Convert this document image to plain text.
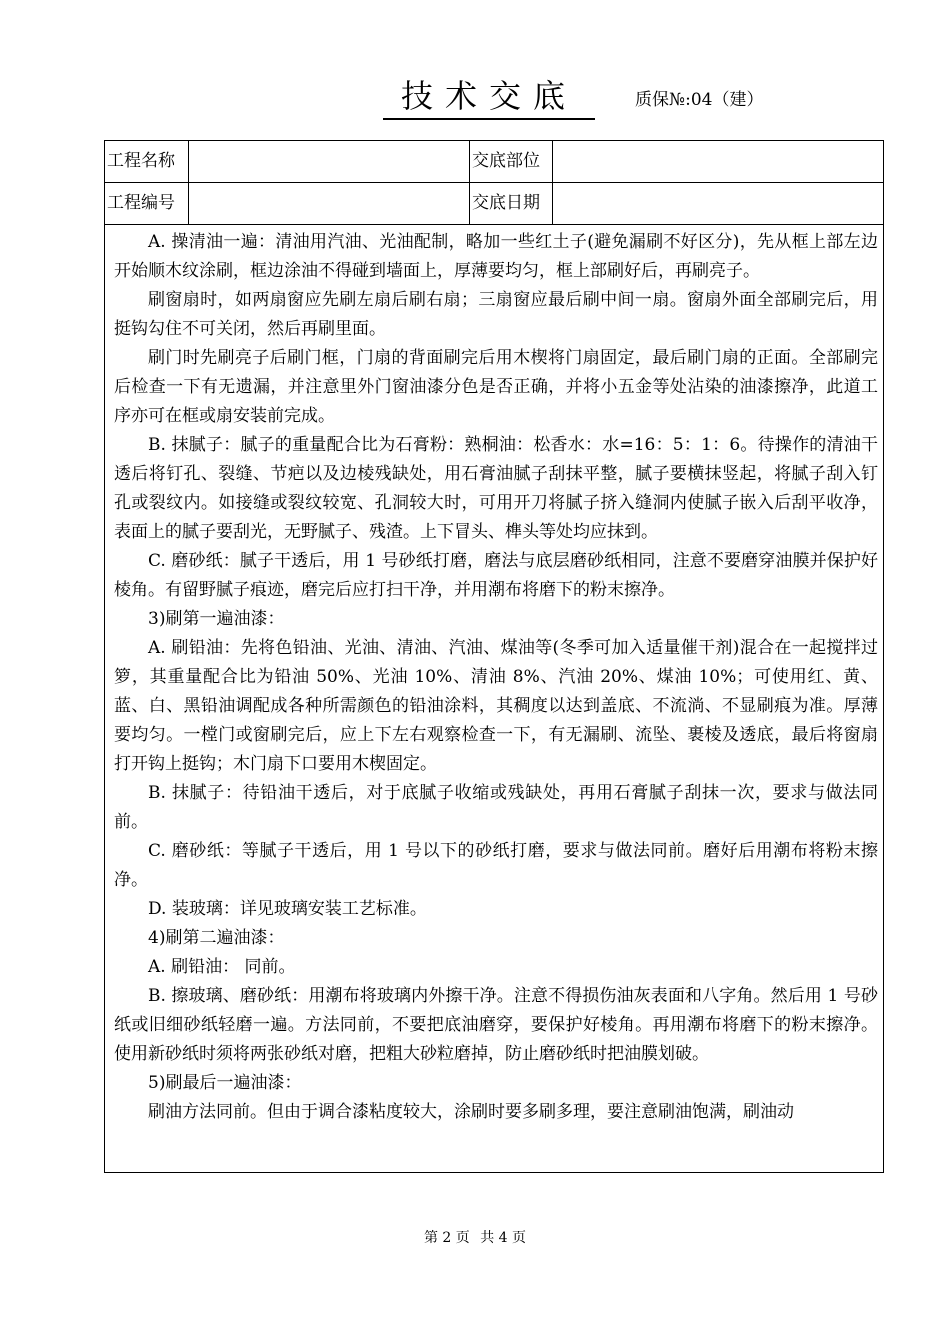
技术交底	质保№:04（建）
工程名称	交底部位
工程编号	交底日期

A. 操清油一遍：清油用汽油、光油配制，略加一些红土子(避免漏刷不好区分)，先从框上部左边开始顺木纹涂刷，框边涂油不得碰到墙面上，厚薄要均匀，框上部刷好后，再刷亮子。

刷窗扇时，如两扇窗应先刷左扇后刷右扇；三扇窗应最后刷中间一扇。窗扇外面全部刷完后，用挺钩勾住不可关闭，然后再刷里面。

刷门时先刷亮子后刷门框，门扇的背面刷完后用木楔将门扇固定，最后刷门扇的正面。全部刷完后检查一下有无遗漏，并注意里外门窗油漆分色是否正确，并将小五金等处沾染的油漆擦净，此道工序亦可在框或扇安装前完成。

B. 抹腻子：腻子的重量配合比为石膏粉：熟桐油：松香水：水=16：5：1：6。待操作的清油干透后将钉孔、裂缝、节疤以及边棱残缺处，用石膏油腻子刮抹平整，腻子要横抹竖起，将腻子刮入钉孔或裂纹内。如接缝或裂纹较宽、孔洞较大时，可用开刀将腻子挤入缝洞内使腻子嵌入后刮平收净，表面上的腻子要刮光，无野腻子、残渣。上下冒头、榫头等处均应抹到。

C. 磨砂纸：腻子干透后，用 1 号砂纸打磨，磨法与底层磨砂纸相同，注意不要磨穿油膜并保护好棱角。有留野腻子痕迹，磨完后应打扫干净，并用潮布将磨下的粉末擦净。

3)刷第一遍油漆：

A. 刷铅油：先将色铅油、光油、清油、汽油、煤油等(冬季可加入适量催干剂)混合在一起搅拌过箩，其重量配合比为铅油 50%、光油 10%、清油 8%、汽油 20%、煤油 10%；可使用红、黄、蓝、白、黑铅油调配成各种所需颜色的铅油涂料，其稠度以达到盖底、不流淌、不显刷痕为准。厚薄要均匀。一樘门或窗刷完后，应上下左右观察检查一下，有无漏刷、流坠、裹棱及透底，最后将窗扇打开钩上挺钩；木门扇下口要用木楔固定。

B. 抹腻子：待铅油干透后，对于底腻子收缩或残缺处，再用石膏腻子刮抹一次，要求与做法同前。

C. 磨砂纸：等腻子干透后，用 1 号以下的砂纸打磨，要求与做法同前。磨好后用潮布将粉末擦净。

D. 装玻璃：详见玻璃安装工艺标准。

4)刷第二遍油漆：

A. 刷铅油： 同前。

B. 擦玻璃、磨砂纸：用潮布将玻璃内外擦干净。注意不得损伤油灰表面和八字角。然后用 1 号砂纸或旧细砂纸轻磨一遍。方法同前，不要把底油磨穿，要保护好棱角。再用潮布将磨下的粉末擦净。使用新砂纸时须将两张砂纸对磨，把粗大砂粒磨掉，防止磨砂纸时把油膜划破。

5)刷最后一遍油漆：

刷油方法同前。但由于调合漆粘度较大，涂刷时要多刷多理，要注意刷油饱满，刷油动

第 2 页 共 4 页
